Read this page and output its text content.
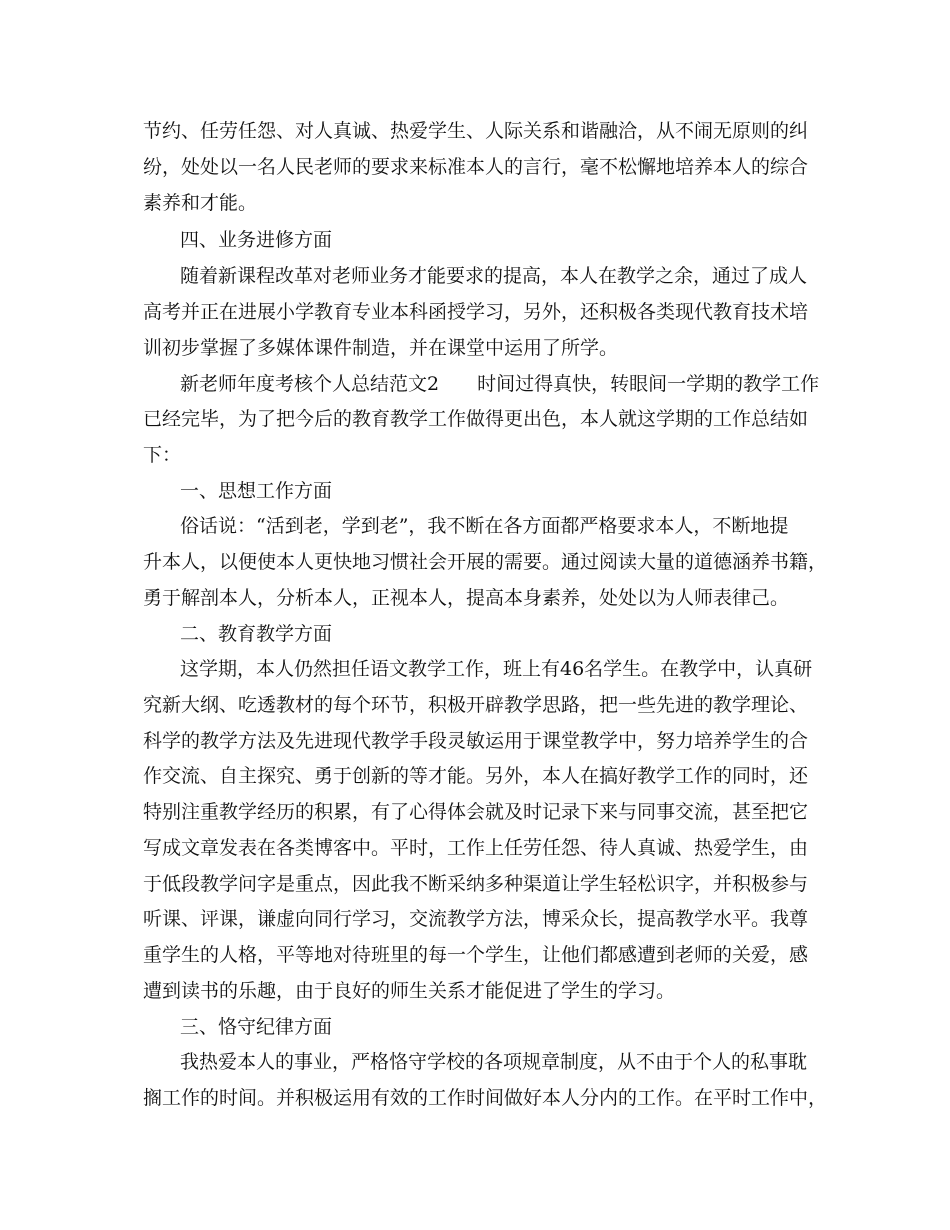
节约、任劳任怨、对人真诚、热爱学生、人际关系和谐融洽，从不闹无原则的纠
纷，处处以一名人民老师的要求来标准本人的言行，毫不松懈地培养本人的综合
素养和才能。
四、业务进修方面
随着新课程改革对老师业务才能要求的提高，本人在教学之余，通过了成人
高考并正在进展小学教育专业本科函授学习，另外，还积极各类现代教育技术培
训初步掌握了多媒体课件制造，并在课堂中运用了所学。
新老师年度考核个人总结范文2　　时间过得真快，转眼间一学期的教学工作
已经完毕，为了把今后的教育教学工作做得更出色，本人就这学期的工作总结如
下：
一、思想工作方面
俗话说：“活到老，学到老”，我不断在各方面都严格要求本人，不断地提
升本人，以便使本人更快地习惯社会开展的需要。通过阅读大量的道德涵养书籍，
勇于解剖本人，分析本人，正视本人，提高本身素养，处处以为人师表律己。
二、教育教学方面
这学期，本人仍然担任语文教学工作，班上有46名学生。在教学中，认真研
究新大纲、吃透教材的每个环节，积极开辟教学思路，把一些先进的教学理论、
科学的教学方法及先进现代教学手段灵敏运用于课堂教学中，努力培养学生的合
作交流、自主探究、勇于创新的等才能。另外，本人在搞好教学工作的同时，还
特别注重教学经历的积累，有了心得体会就及时记录下来与同事交流，甚至把它
写成文章发表在各类博客中。平时，工作上任劳任怨、待人真诚、热爱学生，由
于低段教学问字是重点，因此我不断采纳多种渠道让学生轻松识字，并积极参与
听课、评课，谦虚向同行学习，交流教学方法，博采众长，提高教学水平。我尊
重学生的人格，平等地对待班里的每一个学生，让他们都感遭到老师的关爱，感
遭到读书的乐趣，由于良好的师生关系才能促进了学生的学习。
三、恪守纪律方面
我热爱本人的事业，严格恪守学校的各项规章制度，从不由于个人的私事耽
搁工作的时间。并积极运用有效的工作时间做好本人分内的工作。在平时工作中，
